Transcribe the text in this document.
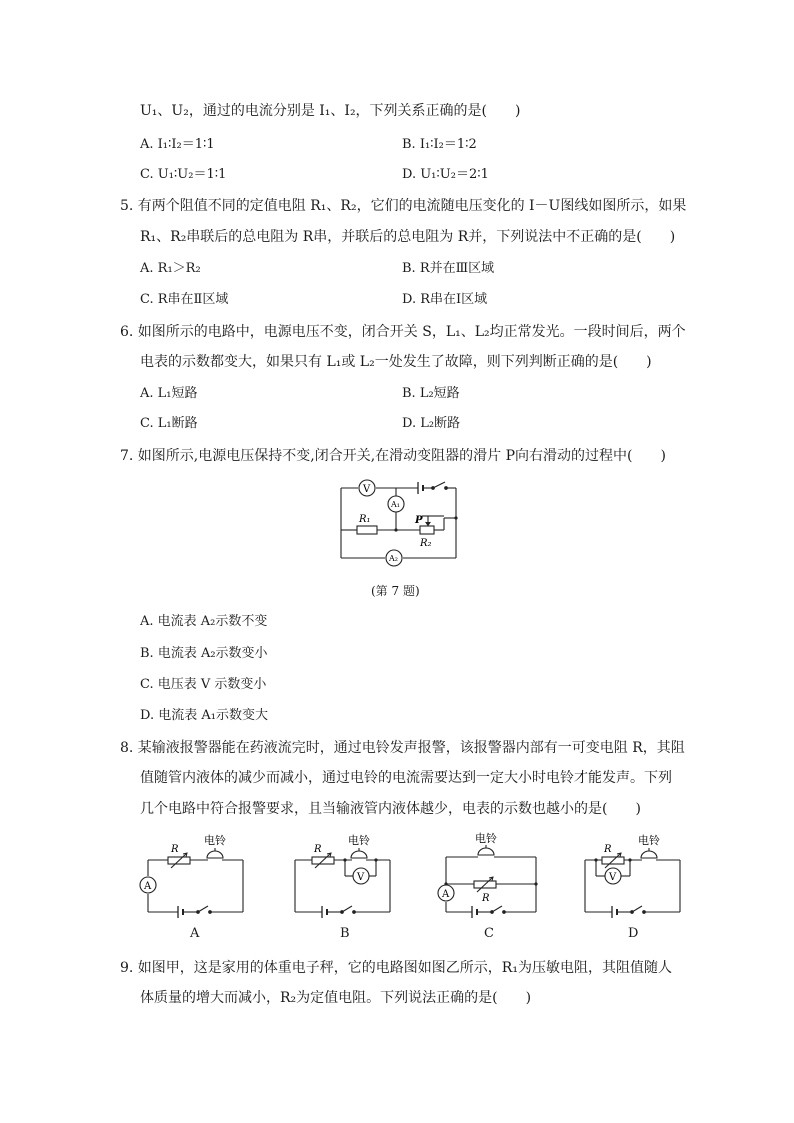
U₁、U₂，通过的电流分别是 I₁、I₂，下列关系正确的是(　　)
A. I₁∶I₂＝1∶1	B. I₁∶I₂＝1∶2
C. U₁∶U₂＝1∶1	D. U₁∶U₂＝2∶1
5. 有两个阻值不同的定值电阻 R₁、R₂，它们的电流随电压变化的 I－U图线如图所示，如果
R₁、R₂串联后的总电阻为 R串，并联后的总电阻为 R并，下列说法中不正确的是(　　)
A. R₁＞R₂	B. R并在Ⅲ区域
C. R串在Ⅱ区域	D. R串在Ⅰ区域
6. 如图所示的电路中，电源电压不变，闭合开关 S，L₁、L₂均正常发光。一段时间后，两个
电表的示数都变大，如果只有 L₁或 L₂一处发生了故障，则下列判断正确的是(　　)
A. L₁短路	B. L₂短路
C. L₁断路	D. L₂断路
7. 如图所示,电源电压保持不变,闭合开关,在滑动变阻器的滑片 P向右滑动的过程中(　　)
V
A₁
A₂
R₁
R₂
P
(第 7 题)
A. 电流表 A₂示数不变
B. 电流表 A₂示数变小
C. 电压表 V 示数变小
D. 电流表 A₁示数变大
8. 某输液报警器能在药液流完时，通过电铃发声报警，该报警器内部有一可变电阻 R，其阻
值随管内液体的减少而减小，通过电铃的电流需要达到一定大小时电铃才能发声。下列
几个电路中符合报警要求，且当输液管内液体越少，电表的示数也越小的是(　　)
A
R
电铃
V
R
电铃
A	R
电铃
V
R
电铃
A	B	C	D
9. 如图甲，这是家用的体重电子秤，它的电路图如图乙所示，R₁为压敏电阻，其阻值随人
体质量的增大而减小，R₂为定值电阻。下列说法正确的是(　　)
